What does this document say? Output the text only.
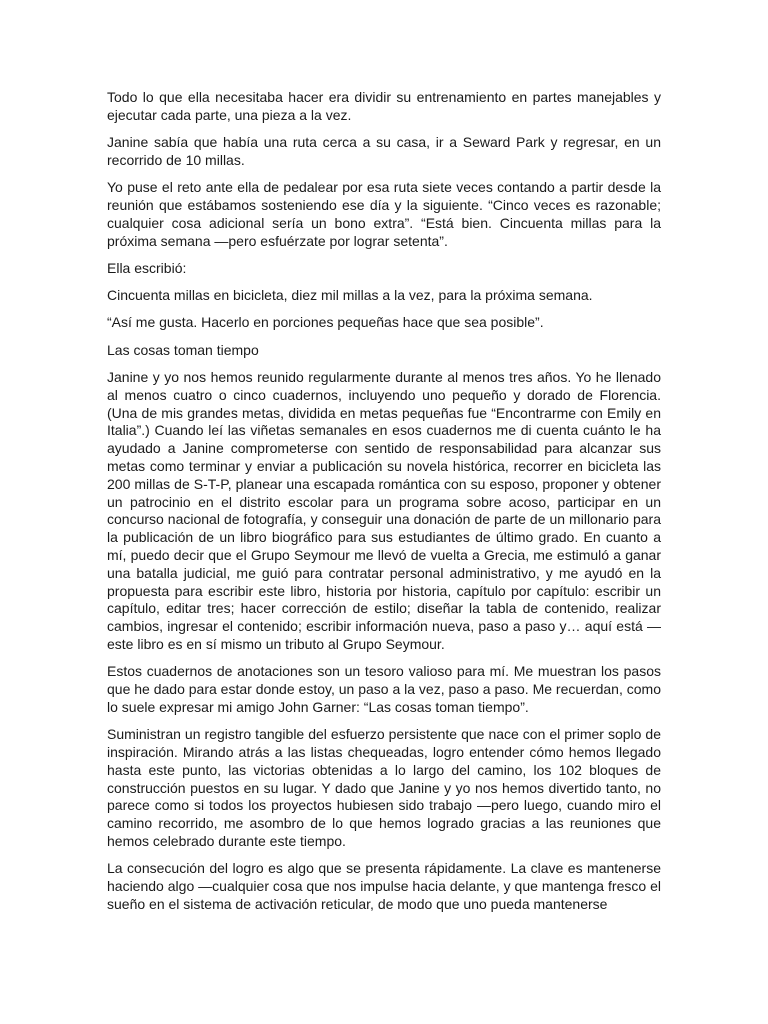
Todo lo que ella necesitaba hacer era dividir su entrenamiento en partes manejables y ejecutar cada parte, una pieza a la vez.

Janine sabía que había una ruta cerca a su casa, ir a Seward Park y regresar, en un recorrido de 10 millas.

Yo puse el reto ante ella de pedalear por esa ruta siete veces contando a partir desde la reunión que estábamos sosteniendo ese día y la siguiente. “Cinco veces es razonable; cualquier cosa adicional sería un bono extra”. “Está bien. Cincuenta millas para la próxima semana —pero esfuérzate por lograr setenta”.

Ella escribió:

Cincuenta millas en bicicleta, diez mil millas a la vez, para la próxima semana.

“Así me gusta. Hacerlo en porciones pequeñas hace que sea posible”.

Las cosas toman tiempo

Janine y yo nos hemos reunido regularmente durante al menos tres años. Yo he llenado al menos cuatro o cinco cuadernos, incluyendo uno pequeño y dorado de Florencia. (Una de mis grandes metas, dividida en metas pequeñas fue “Encontrarme con Emily en Italia”.) Cuando leí las viñetas semanales en esos cuadernos me di cuenta cuánto le ha ayudado a Janine comprometerse con sentido de responsabilidad para alcanzar sus metas como terminar y enviar a publicación su novela histórica, recorrer en bicicleta las 200 millas de S-T-P, planear una escapada romántica con su esposo, proponer y obtener un patrocinio en el distrito escolar para un programa sobre acoso, participar en un concurso nacional de fotografía, y conseguir una donación de parte de un millonario para la publicación de un libro biográfico para sus estudiantes de último grado. En cuanto a mí, puedo decir que el Grupo Seymour me llevó de vuelta a Grecia, me estimuló a ganar una batalla judicial, me guió para contratar personal administrativo, y me ayudó en la propuesta para escribir este libro, historia por historia, capítulo por capítulo: escribir un capítulo, editar tres; hacer corrección de estilo; diseñar la tabla de contenido, realizar cambios, ingresar el contenido; escribir información nueva, paso a paso y… aquí está —este libro es en sí mismo un tributo al Grupo Seymour.

Estos cuadernos de anotaciones son un tesoro valioso para mí. Me muestran los pasos que he dado para estar donde estoy, un paso a la vez, paso a paso. Me recuerdan, como lo suele expresar mi amigo John Garner: “Las cosas toman tiempo”.

Suministran un registro tangible del esfuerzo persistente que nace con el primer soplo de inspiración. Mirando atrás a las listas chequeadas, logro entender cómo hemos llegado hasta este punto, las victorias obtenidas a lo largo del camino, los 102 bloques de construcción puestos en su lugar. Y dado que Janine y yo nos hemos divertido tanto, no parece como si todos los proyectos hubiesen sido trabajo —pero luego, cuando miro el camino recorrido, me asombro de lo que hemos logrado gracias a las reuniones que hemos celebrado durante este tiempo.

La consecución del logro es algo que se presenta rápidamente. La clave es mantenerse haciendo algo —cualquier cosa que nos impulse hacia delante, y que mantenga fresco el sueño en el sistema de activación reticular, de modo que uno pueda mantenerse
